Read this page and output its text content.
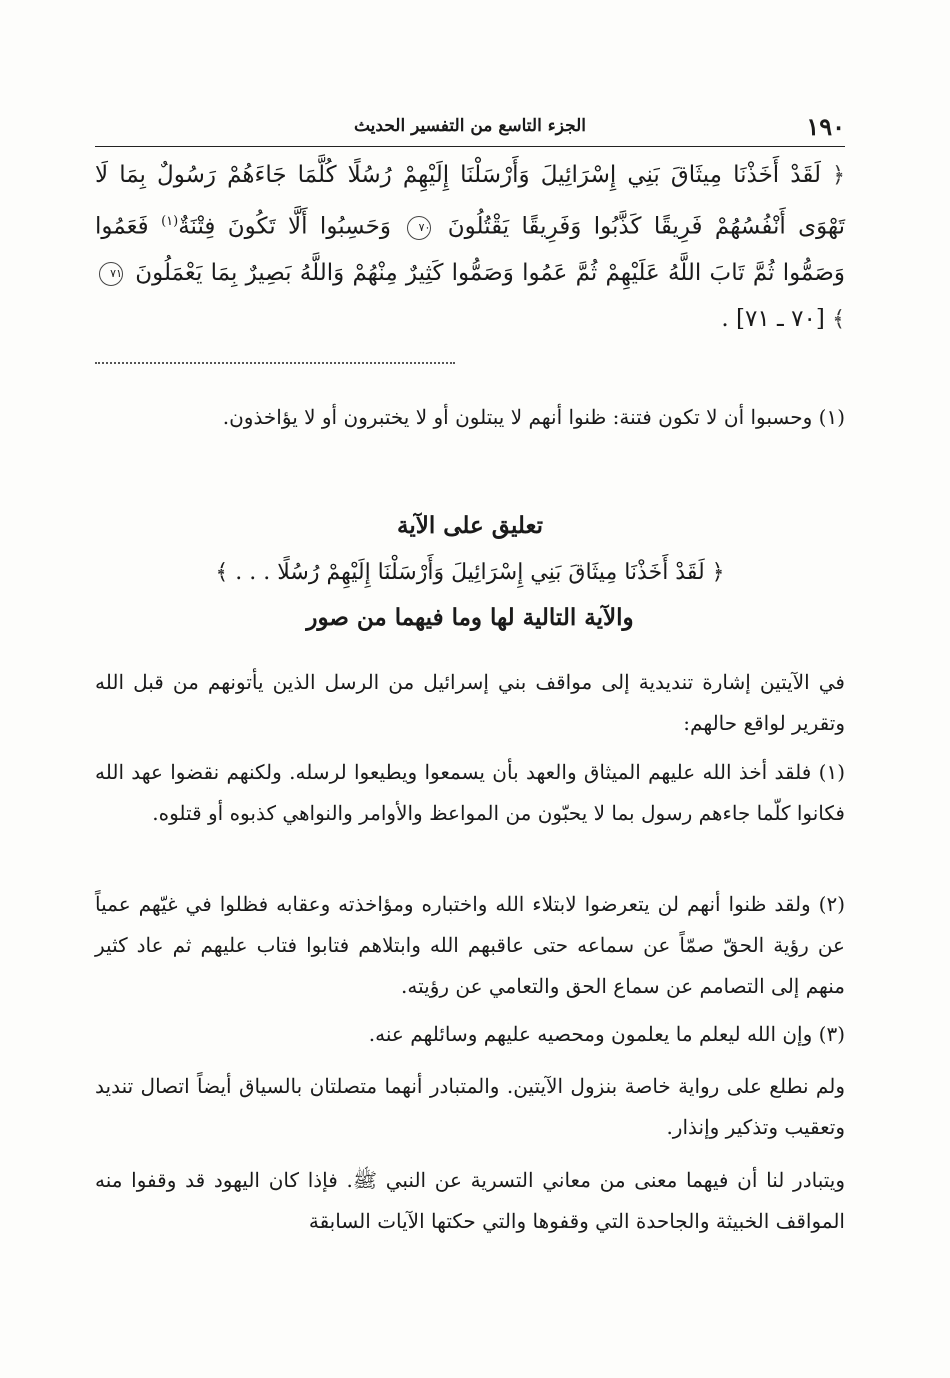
١٩٠
الجزء التاسع من التفسير الحديث
﴿ لَقَدْ أَخَذْنَا مِيثَاقَ بَنِي إِسْرَائِيلَ وَأَرْسَلْنَا إِلَيْهِمْ رُسُلًا كُلَّمَا جَاءَهُمْ رَسُولٌ بِمَا لَا تَهْوَى أَنْفُسُهُمْ فَرِيقًا كَذَّبُوا وَفَرِيقًا يَقْتُلُونَ ٧٠ وَحَسِبُوا أَلَّا تَكُونَ فِتْنَةٌ$^{(١)}$ فَعَمُوا وَصَمُّوا ثُمَّ تَابَ اللَّهُ عَلَيْهِمْ ثُمَّ عَمُوا وَصَمُّوا كَثِيرٌ مِنْهُمْ وَاللَّهُ بَصِيرٌ بِمَا يَعْمَلُونَ ٧١ ﴾ [٧٠ ـ ٧١] .
(١) وحسبوا أن لا تكون فتنة: ظنوا أنهم لا يبتلون أو لا يختبرون أو لا يؤاخذون.
تعليق على الآية
﴿ لَقَدْ أَخَذْنَا مِيثَاقَ بَنِي إِسْرَائِيلَ وَأَرْسَلْنَا إِلَيْهِمْ رُسُلًا . . . ﴾
والآية التالية لها وما فيهما من صور
في الآيتين إشارة تنديدية إلى مواقف بني إسرائيل من الرسل الذين يأتونهم من قبل الله وتقرير لواقع حالهم:
(١) فلقد أخذ الله عليهم الميثاق والعهد بأن يسمعوا ويطيعوا لرسله. ولكنهم نقضوا عهد الله فكانوا كلّما جاءهم رسول بما لا يحبّون من المواعظ والأوامر والنواهي كذبوه أو قتلوه.
(٢) ولقد ظنوا أنهم لن يتعرضوا لابتلاء الله واختباره ومؤاخذته وعقابه فظلوا في غيّهم عمياً عن رؤية الحقّ صمّاً عن سماعه حتى عاقبهم الله وابتلاهم فتابوا فتاب عليهم ثم عاد كثير منهم إلى التصامم عن سماع الحق والتعامي عن رؤيته.
(٣) وإن الله ليعلم ما يعلمون ومحصيه عليهم وسائلهم عنه.
ولم نطلع على رواية خاصة بنزول الآيتين. والمتبادر أنهما متصلتان بالسياق أيضاً اتصال تنديد وتعقيب وتذكير وإنذار.
ويتبادر لنا أن فيهما معنى من معاني التسرية عن النبي ﷺ. فإذا كان اليهود قد وقفوا منه المواقف الخبيثة والجاحدة التي وقفوها والتي حكتها الآيات السابقة
